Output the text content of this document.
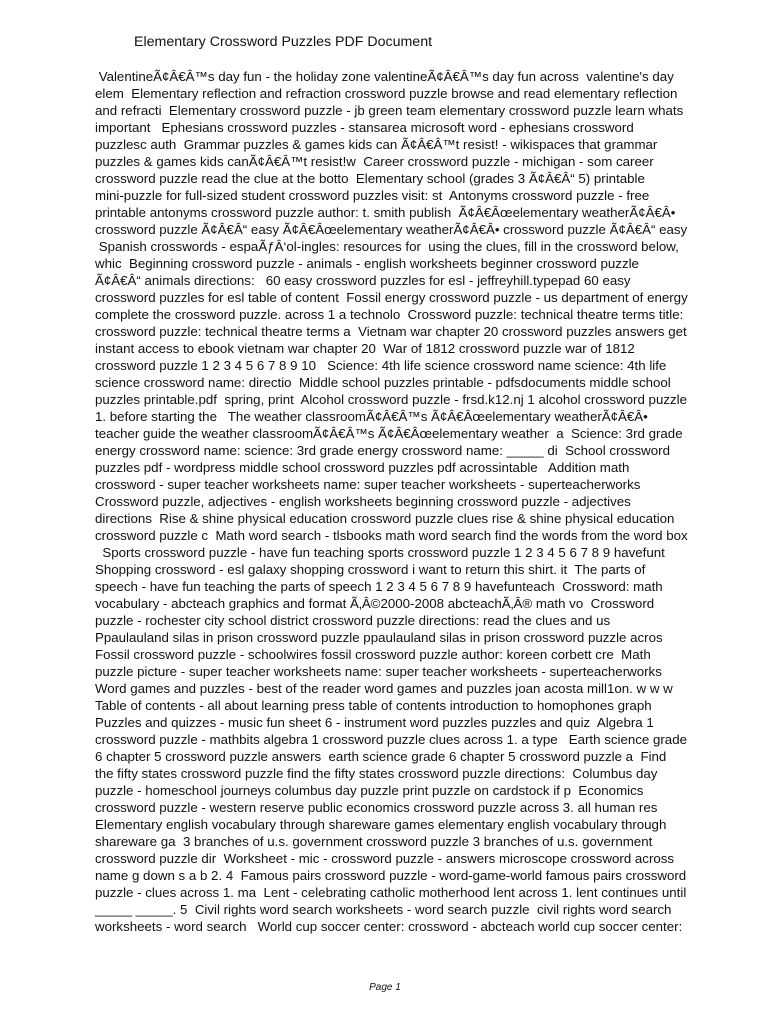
Elementary Crossword Puzzles PDF Document
ValentineÃ¢Â€Â™s day fun - the holiday zone valentineÃ¢Â€Â™s day fun across  valentine's day
elem  Elementary reflection and refraction crossword puzzle browse and read elementary reflection
and refracti  Elementary crossword puzzle - jb green team elementary crossword puzzle learn whats
important   Ephesians crossword puzzles - stansarea microsoft word - ephesians crossword
puzzlesc auth  Grammar puzzles & games kids can Ã¢Â€Â™t resist! - wikispaces that grammar
puzzles & games kids canÃ¢Â€Â™t resist!w  Career crossword puzzle - michigan - som career
crossword puzzle read the clue at the botto  Elementary school (grades 3 Ã¢Â€Â“ 5) printable
mini-puzzle for full-sized student crossword puzzles visit: st  Antonyms crossword puzzle - free
printable antonyms crossword puzzle author: t. smith publish  Ã¢Â€Âœelementary weatherÃ¢Â€Â•
crossword puzzle Ã¢Â€Â“ easy Ã¢Â€Âœelementary weatherÃ¢Â€Â• crossword puzzle Ã¢Â€Â“ easy
Spanish crosswords - espaÃƒÂ‘ol-ingles: resources for  using the clues, fill in the crossword below,
whic  Beginning crossword puzzle - animals - english worksheets beginner crossword puzzle
Ã¢Â€Â“ animals directions:   60 easy crossword puzzles for esl - jeffreyhill.typepad 60 easy
crossword puzzles for esl table of content  Fossil energy crossword puzzle - us department of energy
complete the crossword puzzle. across 1 a technolo  Crossword puzzle: technical theatre terms title:
crossword puzzle: technical theatre terms a  Vietnam war chapter 20 crossword puzzles answers get
instant access to ebook vietnam war chapter 20  War of 1812 crossword puzzle war of 1812
crossword puzzle 1 2 3 4 5 6 7 8 9 10   Science: 4th life science crossword name science: 4th life
science crossword name: directio  Middle school puzzles printable - pdfsdocuments middle school
puzzles printable.pdf  spring, print  Alcohol crossword puzzle - frsd.k12.nj 1 alcohol crossword puzzle
1. before starting the   The weather classroomÃ¢Â€Â™s Ã¢Â€Âœelementary weatherÃ¢Â€Â•
teacher guide the weather classroomÃ¢Â€Â™s Ã¢Â€Âœelementary weather  a  Science: 3rd grade
energy crossword name: science: 3rd grade energy crossword name: _____ di  School crossword
puzzles pdf - wordpress middle school crossword puzzles pdf acrossintable   Addition math
crossword - super teacher worksheets name: super teacher worksheets - superteacherworks
Crossword puzzle, adjectives - english worksheets beginning crossword puzzle - adjectives
directions  Rise & shine physical education crossword puzzle clues rise & shine physical education
crossword puzzle c  Math word search - tlsbooks math word search find the words from the word box
Sports crossword puzzle - have fun teaching sports crossword puzzle 1 2 3 4 5 6 7 8 9 havefunt
Shopping crossword - esl galaxy shopping crossword i want to return this shirt. it  The parts of
speech - have fun teaching the parts of speech 1 2 3 4 5 6 7 8 9 havefunteach  Crossword: math
vocabulary - abcteach graphics and format Ã‚Â©2000-2008 abcteachÃ‚Â® math vo  Crossword
puzzle - rochester city school district crossword puzzle directions: read the clues and us
Ppaulauland silas in prison crossword puzzle ppaulauland silas in prison crossword puzzle acros
Fossil crossword puzzle - schoolwires fossil crossword puzzle author: koreen corbett cre  Math
puzzle picture - super teacher worksheets name: super teacher worksheets - superteacherworks
Word games and puzzles - best of the reader word games and puzzles joan acosta mill1on. w w w
Table of contents - all about learning press table of contents introduction to homophones graph
Puzzles and quizzes - music fun sheet 6 - instrument word puzzles puzzles and quiz  Algebra 1
crossword puzzle - mathbits algebra 1 crossword puzzle clues across 1. a type   Earth science grade
6 chapter 5 crossword puzzle answers  earth science grade 6 chapter 5 crossword puzzle a  Find
the fifty states crossword puzzle find the fifty states crossword puzzle directions:  Columbus day
puzzle - homeschool journeys columbus day puzzle print puzzle on cardstock if p  Economics
crossword puzzle - western reserve public economics crossword puzzle across 3. all human res
Elementary english vocabulary through shareware games elementary english vocabulary through
shareware ga  3 branches of u.s. government crossword puzzle 3 branches of u.s. government
crossword puzzle dir  Worksheet - mic - crossword puzzle - answers microscope crossword across
name g down s a b 2. 4  Famous pairs crossword puzzle - word-game-world famous pairs crossword
puzzle - clues across 1. ma  Lent - celebrating catholic motherhood lent across 1. lent continues until
_____ _____. 5  Civil rights word search worksheets - word search puzzle  civil rights word search
worksheets - word search   World cup soccer center: crossword - abcteach world cup soccer center:
Page 1
